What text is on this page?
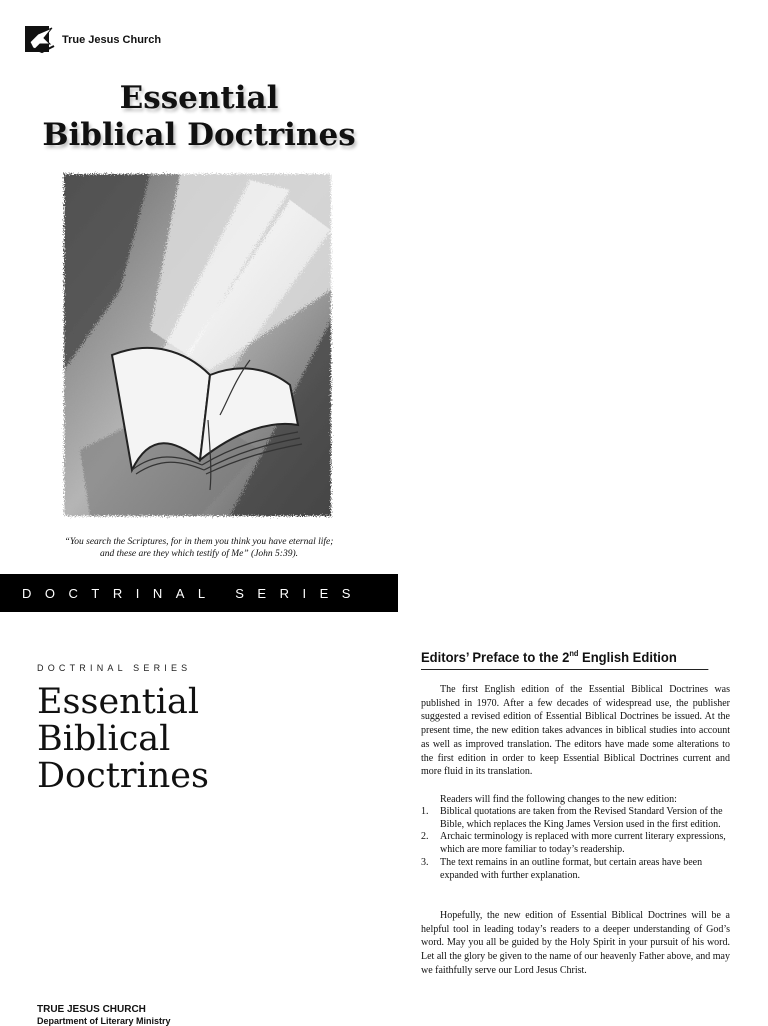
True Jesus Church
Essential
Biblical Doctrines
“You search the Scriptures, for in them you think you have eternal life;
and these are they which testify of Me” (John 5:39).
DOCTRINAL SERIES
DOCTRINAL SERIES
Essential
Biblical
Doctrines
TRUE JESUS CHURCH
Department of Literary Ministry
Editors’ Preface to the 2nd English Edition
The first English edition of the Essential Biblical Doctrines was published in 1970. After a few decades of widespread use, the publisher suggested a revised edition of Essential Biblical Doctrines be issued. At the present time, the new edition takes advances in biblical studies into account as well as improved translation. The editors have made some alterations to the first edition in order to keep Essential Biblical Doctrines current and more fluid in its translation.
Readers will find the following changes to the new edition:
1. Biblical quotations are taken from the Revised Standard Version of the Bible, which replaces the King James Version used in the first edition.
2. Archaic terminology is replaced with more current literary expressions, which are more familiar to today’s readership.
3. The text remains in an outline format, but certain areas have been expanded with further explanation.
Hopefully, the new edition of Essential Biblical Doctrines will be a helpful tool in leading today’s readers to a deeper understanding of God’s word. May you all be guided by the Holy Spirit in your pursuit of his word. Let all the glory be given to the name of our heavenly Father above, and may we faithfully serve our Lord Jesus Christ.
